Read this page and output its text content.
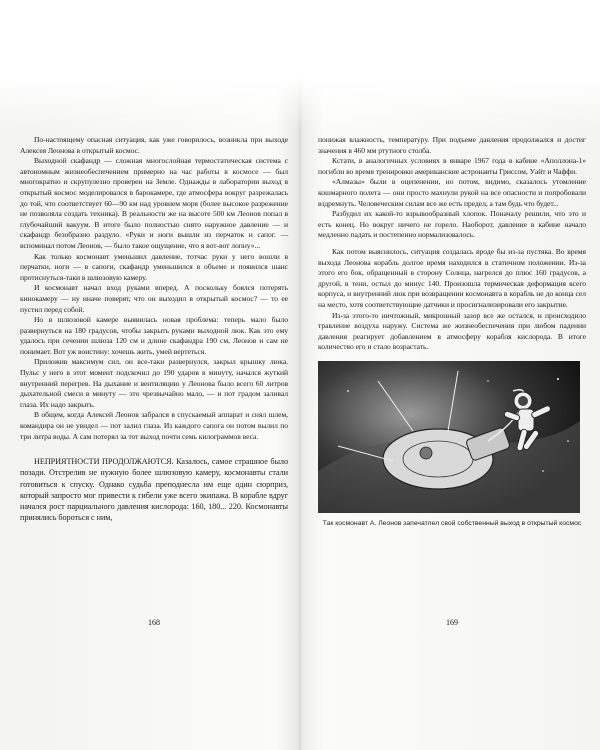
По-настоящему опасная ситуация, как уже говорилось, возникла при выходе Алексея Леонова в открытый космос.

Выходной скафандр — сложная многослойная термостатическая система с автономным жизнеобеспечением примерно на час работы в космосе — был многократно и скрупулезно проверен на Земле. Однажды в лаборатории выход в открытый космос моделировался в барокамере, где атмосфера вокруг разрежалась до той, что соответствует 60—90 км над уровнем моря (более высокое разрежение не позволяла создать техника). В реальности же на высоте 500 км Леонов попал в глубочайший вакуум. В итоге было полностью снято наружное давление — и скафандр безобразно раздуло. «Руки и ноги вышли из перчаток и сапог. — вспоминал потом Леонов, — было такое ощущение, что я вот-вот лопну»...

Как только космонавт уменьшил давление, тотчас руки у него вошли в перчатки, ноги — в сапоги, скафандр уменьшился в объеме и появился шанс протиснуться-таки в шлюзовую камеру.

И космонавт начал вход руками вперед. А поскольку боялся потерять кинокамеру — ну иначе поверят, что он выходил в открытый космос? — то ее пустил перед собой.

Но в шлюзовой камере выявилась новая проблема: теперь мало было развернуться на 180 градусов, чтобы закрыть руками выходной люк. Как это ему удалось при сечении шлюза 120 см и длине скафандра 190 см, Леонов и сам не понимает. Вот уж воистину: хочешь жить, умей вертеться.

Приложив максимум сил, он все-таки развернулся, закрыл крышку люка. Пульс у него в этот момент подскочил до 190 ударов в минуту, начался жуткий внутренний перегрев. На дыхание и вентиляцию у Леонова было всего 60 литров дыхательной смеси в минуту — это чрезвычайно мало, — и пот градом заливал глаза. Их надо закрыть.

В общем, когда Алексей Леонов забрался в спускаемый аппарат и снял шлем, командира он не увидел — пот залил глаза. Из каждого сапога он потом вылил по три литра воды. А сам потерял за тот выход почти семь килограммов веса.

НЕПРИЯТНОСТИ ПРОДОЛЖАЮТСЯ. Казалось, самое страшное было позади. Отстрелив не нужную более шлюзовую камеру, космонавты стали готовиться к спуску. Однако судьба преподнесла им еще один сюрприз, который запросто мог привести к гибели уже всего экипажа. В корабле вдруг начался рост парциального давления кислорода: 160, 180... 220. Космонавты принялись бороться с ним,

168

понижая влажность, температуру. При подъеме давления продолжался и достиг значения в 460 мм ртутного столба.

Кстати, в аналогичных условиях в январе 1967 года в кабине «Аполлона-1» погибли во время тренировки американские астронавты Гриссом, Уайт и Чаффи.

«Алмазы» были в оцепенении, но потом, видимо, сказалось утомление кошмарного полета — они просто махнули рукой на все опасности и попробовали вздремнуть. Человеческим силам все же есть предел, а там будь что будет...

Разбудил их какой-то взрывообразный хлопок. Поначалу решили, что это и есть конец. Но вокруг ничего не горело. Наоборот, давление в кабине начало медленно падать и постепенно нормализовалось.

Как потом выяснилось, ситуация создалась вроде бы из-за пустяка. Во время выхода Леонова корабль долгое время находился в статичном положении. Из-за этого его бок, обращенный в сторону Солнца, нагрелся до плюс 160 градусов, а другой, в тени, остыл до минус 140. Произошла термическая деформация всего корпуса, и внутренний люк при возвращении космонавта в корабль не до конца сел на место, хотя соответствующие датчики и просигнализировали его закрытие.

Из-за этого-то ничтожный, микронный зазор все же остался, и происходило травление воздуха наружу. Система же жизнеобеспечения при любом падении давления реагирует добавлением в атмосферу корабля кислорода. В итоге количество его и стало возрастать.

Так космонавт А. Леонов запечатлел свой собственный выход в открытый космос
169
